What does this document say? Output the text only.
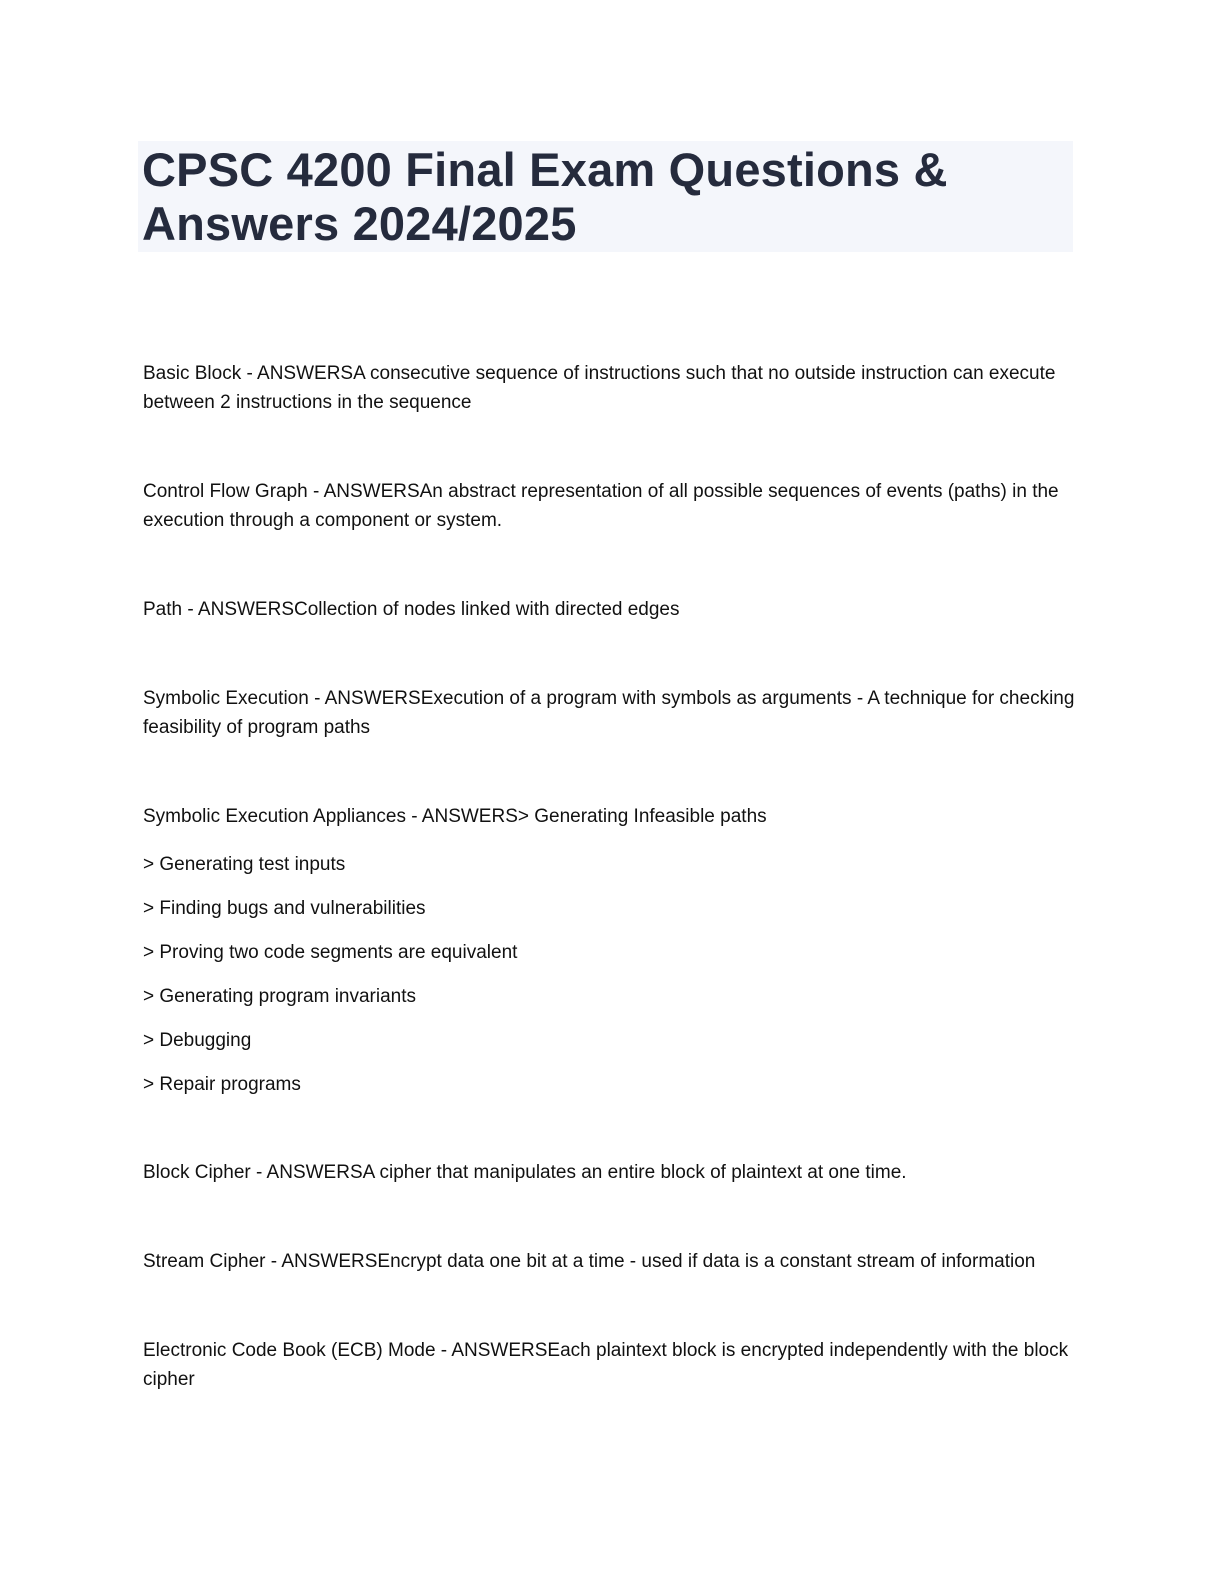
CPSC 4200 Final Exam Questions & Answers 2024/2025

Basic Block - ANSWERSA consecutive sequence of instructions such that no outside instruction can execute between 2 instructions in the sequence

Control Flow Graph - ANSWERSAn abstract representation of all possible sequences of events (paths) in the execution through a component or system.

Path - ANSWERSCollection of nodes linked with directed edges

Symbolic Execution - ANSWERSExecution of a program with symbols as arguments - A technique for checking feasibility of program paths

Symbolic Execution Appliances - ANSWERS> Generating Infeasible paths

> Generating test inputs

> Finding bugs and vulnerabilities

> Proving two code segments are equivalent

> Generating program invariants

> Debugging

> Repair programs

Block Cipher - ANSWERSA cipher that manipulates an entire block of plaintext at one time.

Stream Cipher - ANSWERSEncrypt data one bit at a time - used if data is a constant stream of information

Electronic Code Book (ECB) Mode - ANSWERSEach plaintext block is encrypted independently with the block cipher
